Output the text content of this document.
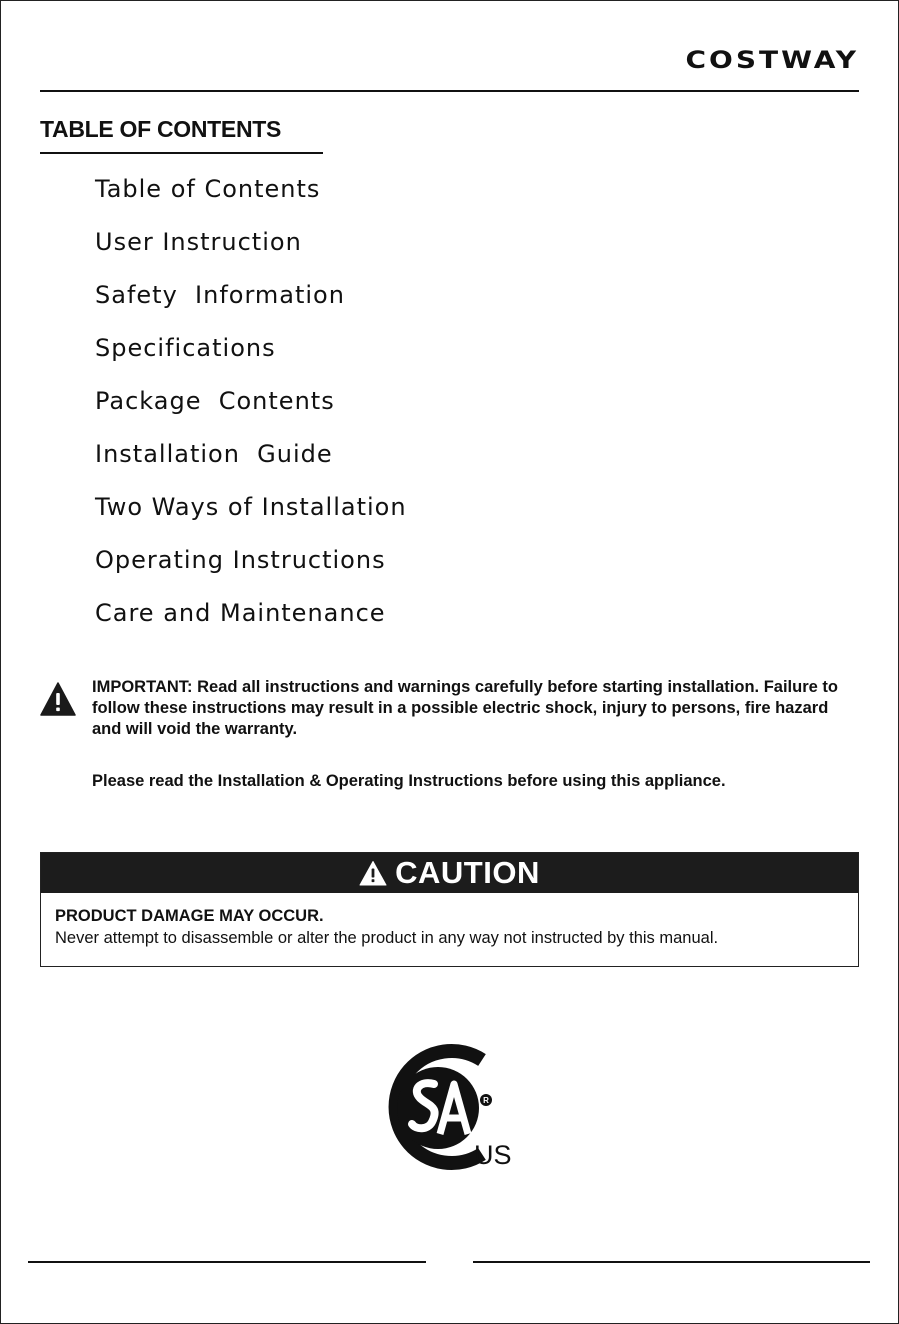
COSTWAY
TABLE OF CONTENTS
Table of Contents
User Instruction
Safety  Information
Specifications
Package  Contents
Installation  Guide
Two Ways of Installation
Operating Instructions
Care and Maintenance
IMPORTANT: Read all instructions and warnings carefully before starting installation. Failure to follow these instructions may result in a possible electric shock, injury to persons, fire hazard and will void the warranty.
Please read the Installation & Operating Instructions before using this appliance.
CAUTION
PRODUCT DAMAGE MAY OCCUR.
Never attempt to disassemble or alter the product in any way not instructed by this manual.
R
US
